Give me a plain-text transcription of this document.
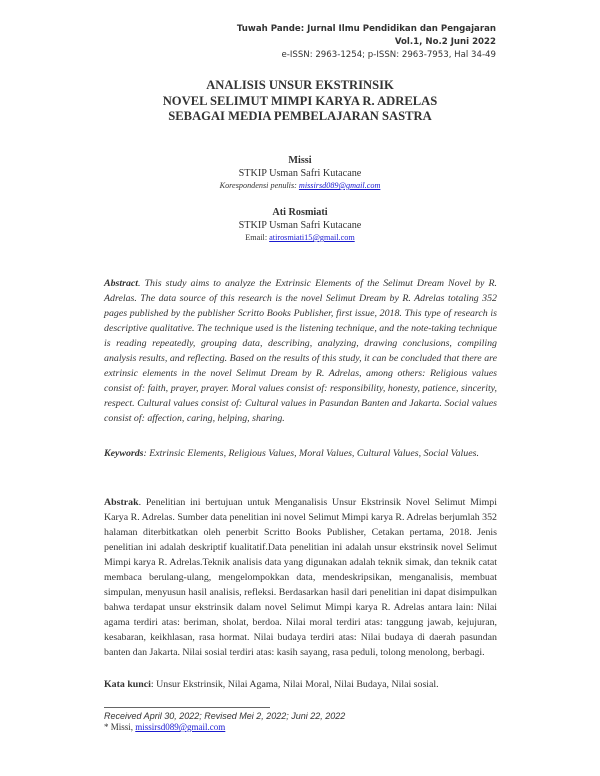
Tuwah Pande: Jurnal Ilmu Pendidikan dan Pengajaran
Vol.1, No.2 Juni 2022
e-ISSN: 2963-1254; p-ISSN: 2963-7953, Hal 34-49
ANALISIS UNSUR EKSTRINSIK
NOVEL SELIMUT MIMPI KARYA R. ADRELAS
SEBAGAI MEDIA PEMBELAJARAN SASTRA
Missi
STKIP Usman Safri Kutacane
Korespondensi penulis: missirsd089@gmail.com
Ati Rosmiati
STKIP Usman Safri Kutacane
Email: atirosmiati15@gmail.com
Abstract. This study aims to analyze the Extrinsic Elements of the Selimut Dream Novel by R. Adrelas. The data source of this research is the novel Selimut Dream by R. Adrelas totaling 352 pages published by the publisher Scritto Books Publisher, first issue, 2018. This type of research is descriptive qualitative. The technique used is the listening technique, and the note-taking technique is reading repeatedly, grouping data, describing, analyzing, drawing conclusions, compiling analysis results, and reflecting. Based on the results of this study, it can be concluded that there are extrinsic elements in the novel Selimut Dream by R. Adrelas, among others: Religious values consist of: faith, prayer, prayer. Moral values consist of: responsibility, honesty, patience, sincerity, respect. Cultural values consist of: Cultural values in Pasundan Banten and Jakarta. Social values consist of: affection, caring, helping, sharing.
Keywords: Extrinsic Elements, Religious Values, Moral Values, Cultural Values, Social Values.
Abstrak. Penelitian ini bertujuan untuk Menganalisis Unsur Ekstrinsik Novel Selimut Mimpi Karya R. Adrelas. Sumber data penelitian ini novel Selimut Mimpi karya R. Adrelas berjumlah 352 halaman diterbitkatkan oleh penerbit Scritto Books Publisher, Cetakan pertama, 2018. Jenis penelitian ini adalah deskriptif kualitatif.Data penelitian ini adalah unsur ekstrinsik novel Selimut Mimpi karya R. Adrelas.Teknik analisis data yang digunakan adalah teknik simak, dan teknik catat membaca berulang-ulang, mengelompokkan data, mendeskripsikan, menganalisis, membuat simpulan, menyusun hasil analisis, refleksi. Berdasarkan hasil dari penelitian ini dapat disimpulkan bahwa terdapat unsur ekstrinsik dalam novel Selimut Mimpi karya R. Adrelas antara lain: Nilai agama terdiri atas: beriman, sholat, berdoa. Nilai moral terdiri atas: tanggung jawab, kejujuran, kesabaran, keikhlasan, rasa hormat. Nilai budaya terdiri atas: Nilai budaya di daerah pasundan banten dan Jakarta. Nilai sosial terdiri atas: kasih sayang, rasa peduli, tolong menolong, berbagi.
Kata kunci: Unsur Ekstrinsik, Nilai Agama, Nilai Moral, Nilai Budaya, Nilai sosial.
Received April 30, 2022; Revised Mei 2, 2022; Juni 22, 2022
* Missi, missirsd089@gmail.com
